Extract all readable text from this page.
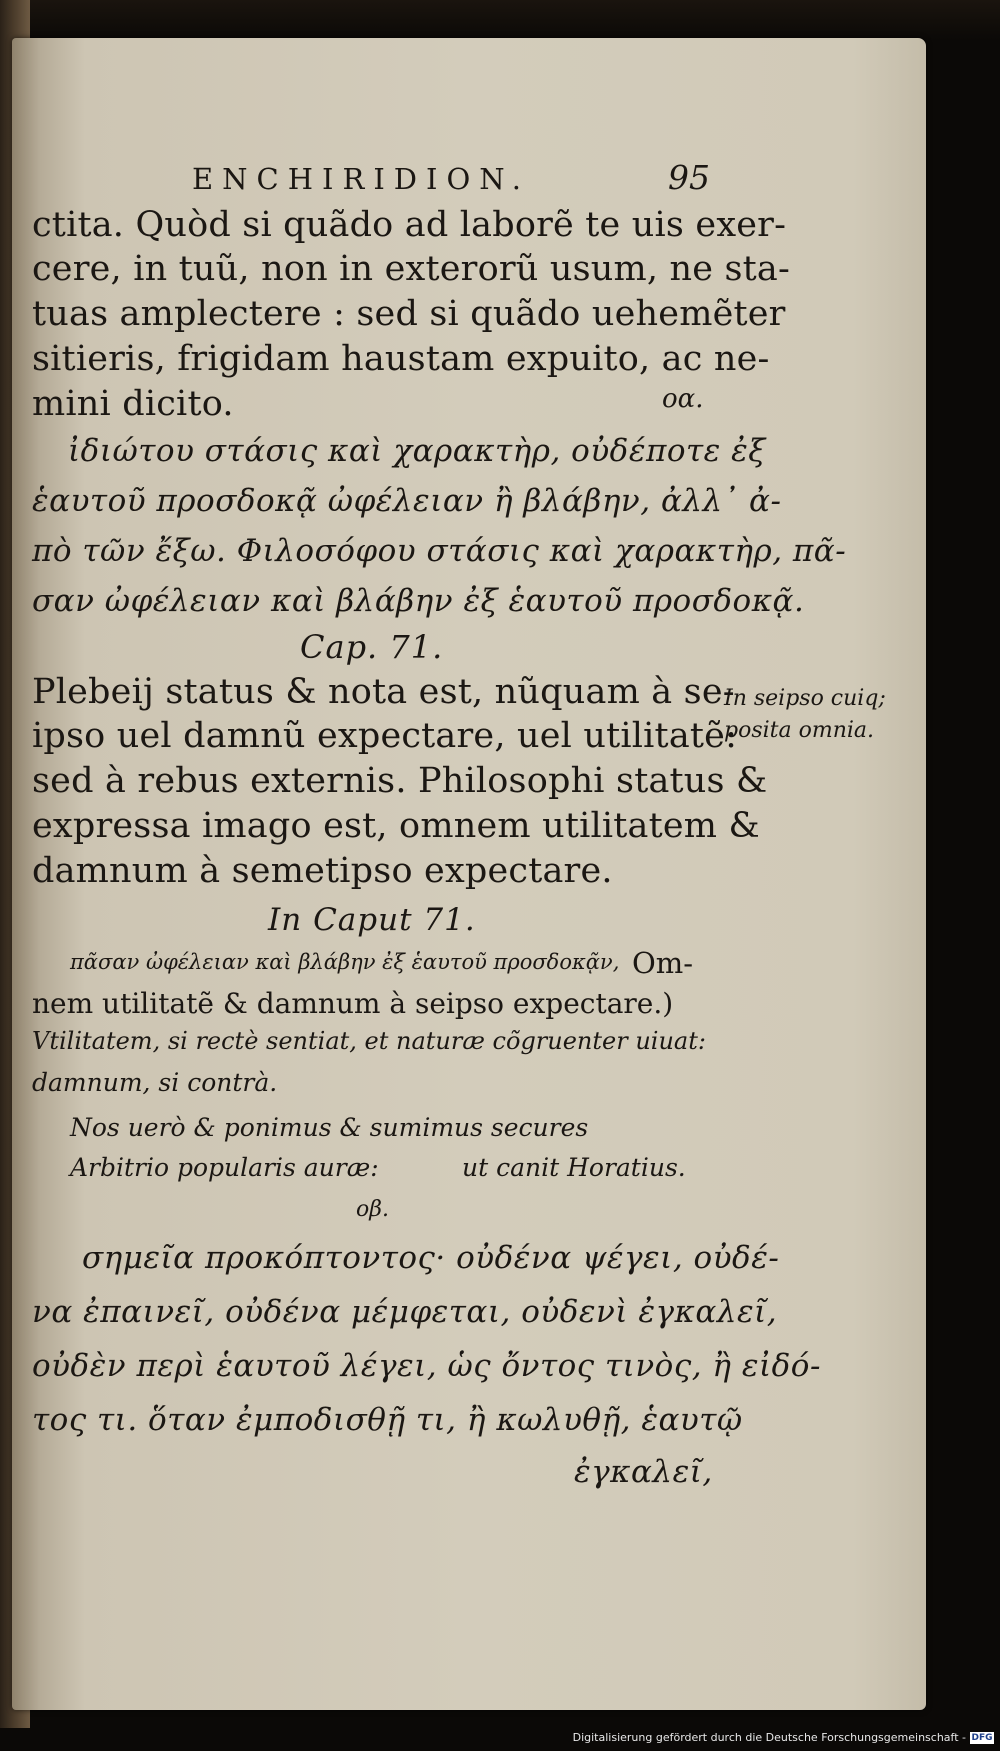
ENCHIRIDION.	95
ctita. Quòd si quãdo ad laborẽ te uis exer-
cere, in tuũ, non in exterorũ usum, ne sta-
tuas amplectere : sed si quãdo uehemẽter
sitieris, frigidam haustam expuito, ac ne-
mini dicito.	οα.
ἰδιώτου στάσις καὶ χαρακτὴρ, οὐδέποτε ἐξ
ἑαυτοῦ προσδοκᾷ ὠφέλειαν ἢ βλάβην, ἀλλ᾽ ἀ-
πὸ τῶν ἔξω. Φιλοσόφου στάσις καὶ χαρακτὴρ, πᾶ-
σαν ὠφέλειαν καὶ βλάβην ἐξ ἑαυτοῦ προσδοκᾷ.
Cap. 71.
Plebeij status & nota est, nũquam à se-
ipso uel damnũ expectare, uel utilitatẽ:
sed à rebus externis. Philosophi status &
expressa imago est, omnem utilitatem &
damnum à semetipso expectare.
In seipso cuiq;
posita omnia.
In Caput 71.
πᾶσαν ὠφέλειαν καὶ βλάβην ἐξ ἑαυτοῦ προσδοκᾷν, Om-
nem utilitatẽ & damnum à seipso expectare.)
Vtilitatem, si rectè sentiat, et naturæ cõgruenter uiuat:
damnum, si contrà.
Nos uerò & ponimus & sumimus secures
Arbitrio popularis auræ:	ut canit Horatius.
οβ.
σημεῖα προκόπτοντος· οὐδένα ψέγει, οὐδέ-
να ἐπαινεῖ, οὐδένα μέμφεται, οὐδενὶ ἐγκαλεῖ,
οὐδὲν περὶ ἑαυτοῦ λέγει, ὡς ὄντος τινὸς, ἢ εἰδό-
τος τι. ὅταν ἐμποδισθῇ τι, ἢ κωλυθῇ, ἑαυτῷ
ἐγκαλεῖ,
Digitalisierung gefördert durch die Deutsche Forschungsgemeinschaft - DFG
